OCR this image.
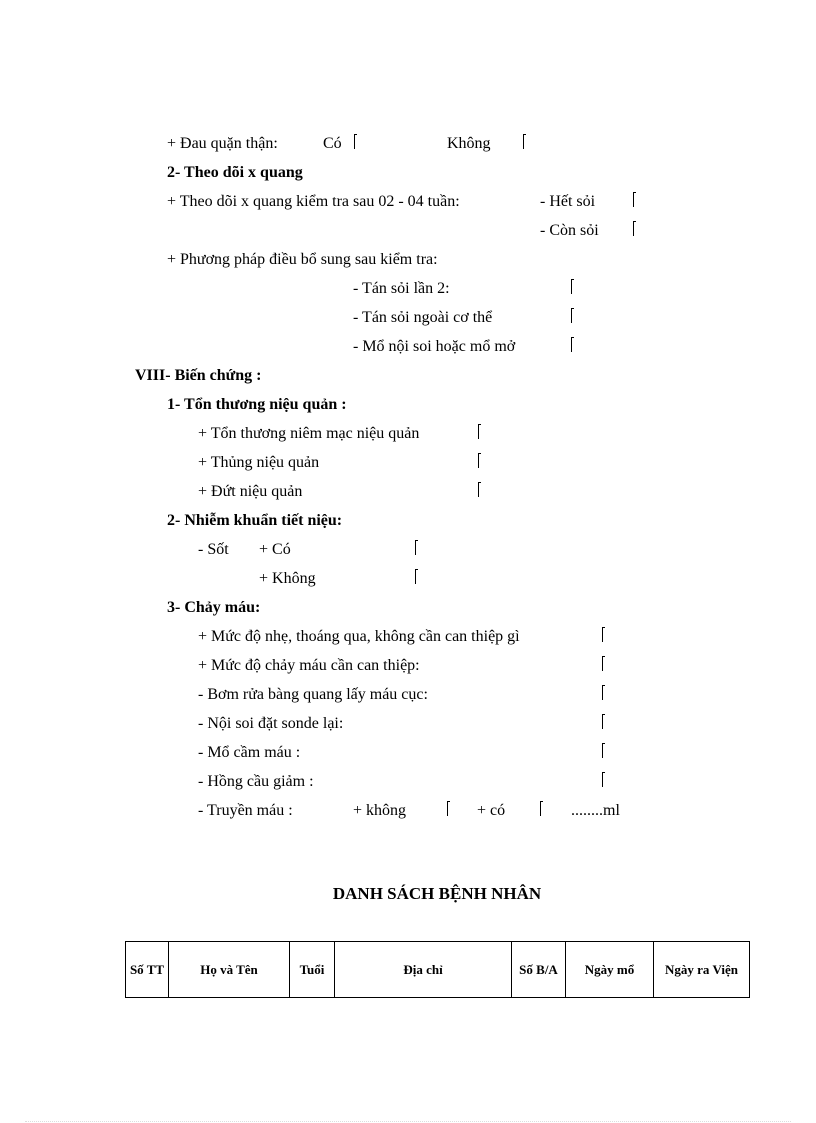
+ Đau quặn thận:	Có	Không
2- Theo dõi x quang
+ Theo dõi x quang kiểm tra sau 02 - 04 tuần:	- Hết sỏi
- Còn sỏi
+ Phương pháp điều bổ sung sau kiểm tra:
- Tán sỏi lần 2:
- Tán sỏi ngoài cơ thể
- Mổ nội soi hoặc mổ mở
VIII- Biến chứng :
1- Tổn thương niệu quản :
+ Tổn thương niêm mạc niệu quản
+ Thủng niệu quản
+ Đứt niệu quản
2- Nhiễm khuẩn tiết niệu:
- Sốt + Có
+ Không
3- Chảy máu:
+ Mức độ nhẹ, thoáng qua, không cần can thiệp gì
+ Mức độ chảy máu cần can thiệp:
- Bơm rửa bàng quang lấy máu cục:
- Nội soi đặt sonde lại:
- Mổ cầm máu :
- Hồng cầu giảm :
- Truyền máu :	+ không	+ có	........ml
DANH SÁCH BỆNH NHÂN
Số TT	Họ và Tên	Tuổi	Địa chỉ	Số B/A	Ngày mổ	Ngày ra Viện
